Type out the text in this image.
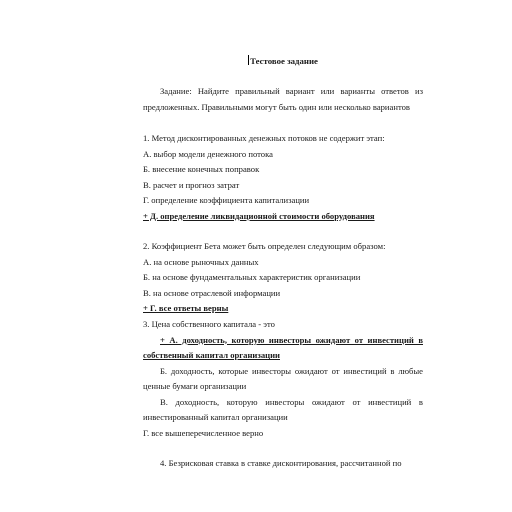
Тестовое задание
Задание: Найдите правильный вариант или варианты ответов из предложенных. Правильными могут быть один или несколько вариантов
1. Метод дисконтированных денежных потоков не содержит этап:
А. выбор модели денежного потока
Б. внесение конечных поправок
В. расчет и прогноз затрат
Г. определение коэффициента капитализации
+ Д. определение ликвидационной стоимости оборудования
2. Коэффициент Бета может быть определен следующим образом:
А. на основе рыночных данных
Б. на основе фундаментальных характеристик организации
В. на основе отраслевой информации
+ Г. все ответы верны
3. Цена собственного капитала - это
+ А. доходность, которую инвесторы ожидают от инвестиций в собственный капитал организации
Б. доходность, которые инвесторы ожидают от инвестиций в любые ценные бумаги организации
В. доходность, которую инвесторы ожидают от инвестиций в инвестированный капитал организации
Г. все вышеперечисленное верно
4. Безрисковая ставка в ставке дисконтирования, рассчитанной по
